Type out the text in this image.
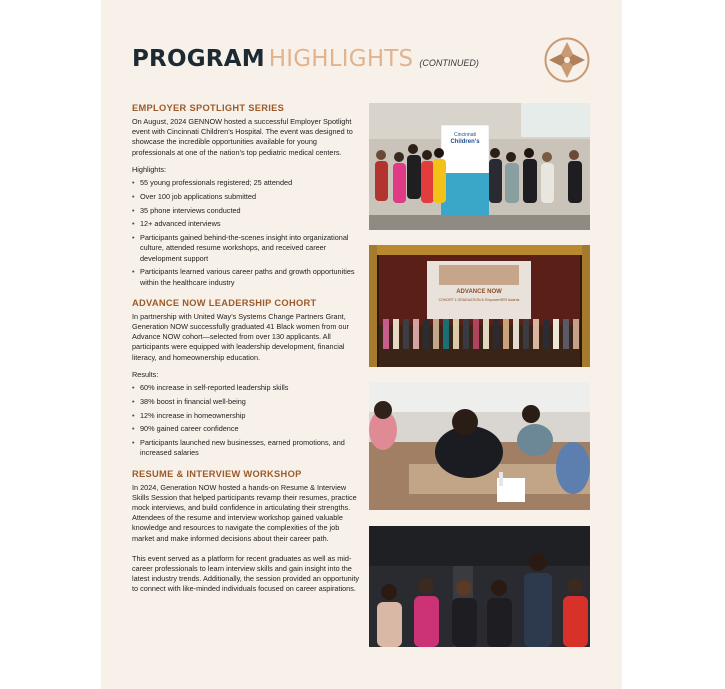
PROGRAM HIGHLIGHTS (CONTINUED)
EMPLOYER SPOTLIGHT SERIES

On August, 2024 GENNOW hosted a successful Employer Spotlight event with Cincinnati Children’s Hospital. The event was designed to showcase the incredible opportunities available for young professionals at one of the nation’s top pediatric medical centers.

Highlights:

• 55 young professionals registered; 25 attended
• Over 100 job applications submitted
• 35 phone interviews conducted
• 12+ advanced interviews
• Participants gained behind-the-scenes insight into organizational culture, attended resume workshops, and received career development support
• Participants learned various career paths and growth opportunities within the healthcare industry
ADVANCE NOW LEADERSHIP COHORT

In partnership with United Way’s Systems Change Partners Grant, Generation NOW successfully graduated 41 Black women from our Advance NOW cohort—selected from over 130 applicants. All participants were equipped with leadership development, financial literacy, and homeownership education.

Results:

• 60% increase in self-reported leadership skills
• 38% boost in financial well-being
• 12% increase in homeownership
• 90% gained career confidence
• Participants launched new businesses, earned promotions, and increased salaries
RESUME & INTERVIEW WORKSHOP

In 2024, Generation NOW hosted a hands-on Resume & Interview Skills Session that helped participants revamp their resumes, practice mock interviews, and build confidence in articulating their strengths. Attendees of the resume and interview workshop gained valuable knowledge and resources to navigate the complexities of the job market and make informed decisions about their career path.

This event served as a platform for recent graduates as well as mid-career professionals to learn interview skills and gain insight into the latest industry trends. Additionally, the session provided an opportunity to connect with like-minded individuals focused on career aspirations.

Cincinnati
Children’s
ADVANCE NOW
COHORT 1 GRADUATION & EmpowerHER Awards
